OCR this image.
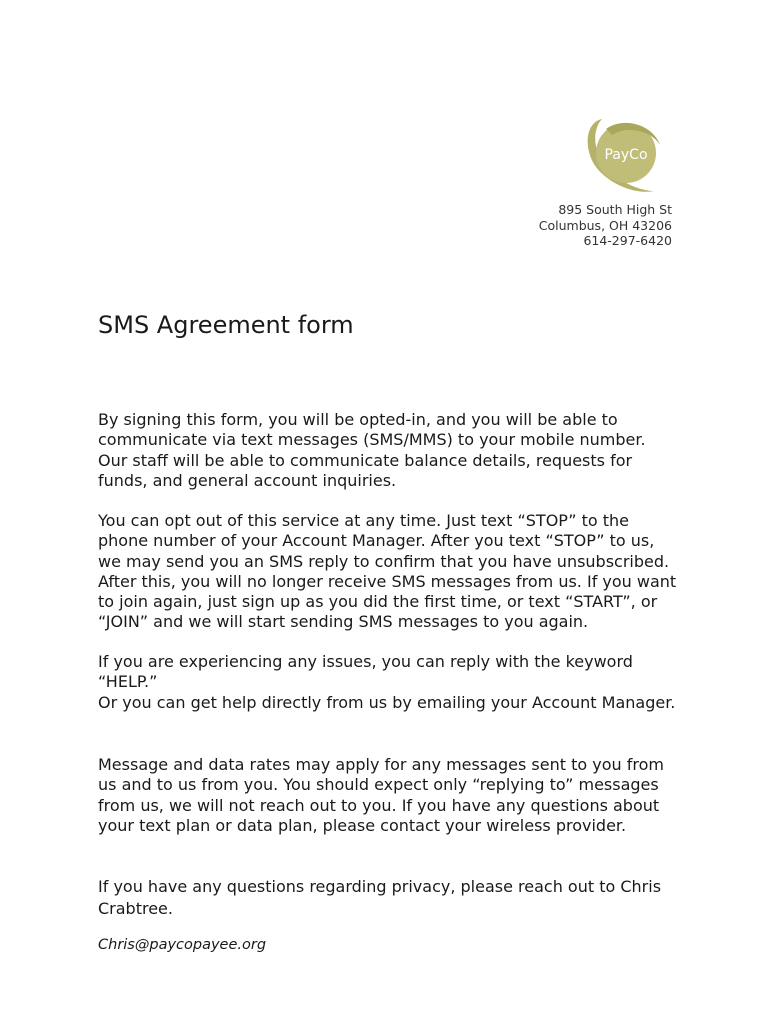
PayCo
895 South High St
Columbus, OH 43206
614-297-6420
SMS Agreement form

By signing this form, you will be opted-in, and you will be able to communicate via text messages (SMS/MMS) to your mobile number. Our staff will be able to communicate balance details, requests for funds, and general account inquiries.

You can opt out of this service at any time. Just text “STOP” to the phone number of your Account Manager. After you text “STOP” to us, we may send you an SMS reply to confirm that you have unsubscribed. After this, you will no longer receive SMS messages from us. If you want to join again, just sign up as you did the first time, or text “START”, or “JOIN” and we will start sending SMS messages to you again.

If you are experiencing any issues, you can reply with the keyword “HELP.”

Or you can get help directly from us by emailing your Account Manager.

Message and data rates may apply for any messages sent to you from us and to us from you. You should expect only “replying to” messages from us, we will not reach out to you. If you have any questions about your text plan or data plan, please contact your wireless provider.

If you have any questions regarding privacy, please reach out to Chris Crabtree.

Chris@paycopayee.org
